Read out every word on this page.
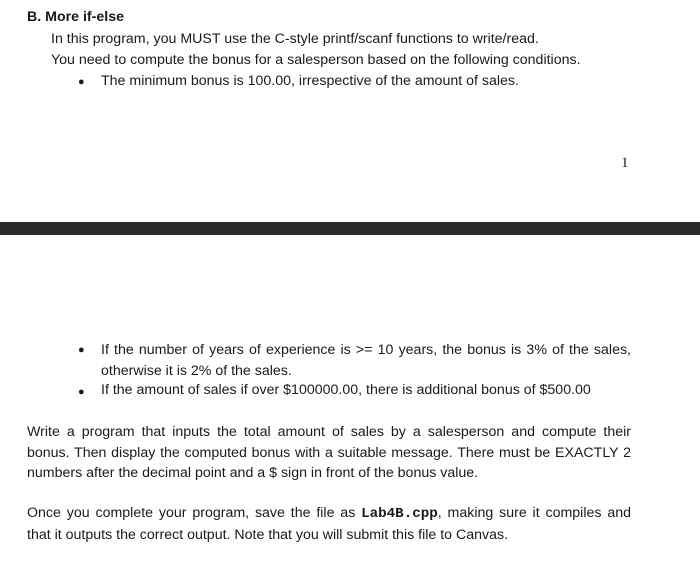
B. More if-else
In this program, you MUST use the C-style printf/scanf functions to write/read.
You need to compute the bonus for a salesperson based on the following conditions.
● The minimum bonus is 100.00, irrespective of the amount of sales.
1
● If the number of years of experience is >= 10 years, the bonus is 3% of the sales, otherwise it is 2% of the sales.
● If the amount of sales if over $100000.00, there is additional bonus of $500.00
Write a program that inputs the total amount of sales by a salesperson and compute their bonus. Then display the computed bonus with a suitable message. There must be EXACTLY 2 numbers after the decimal point and a $ sign in front of the bonus value.
Once you complete your program, save the file as Lab4B.cpp, making sure it compiles and that it outputs the correct output. Note that you will submit this file to Canvas.
